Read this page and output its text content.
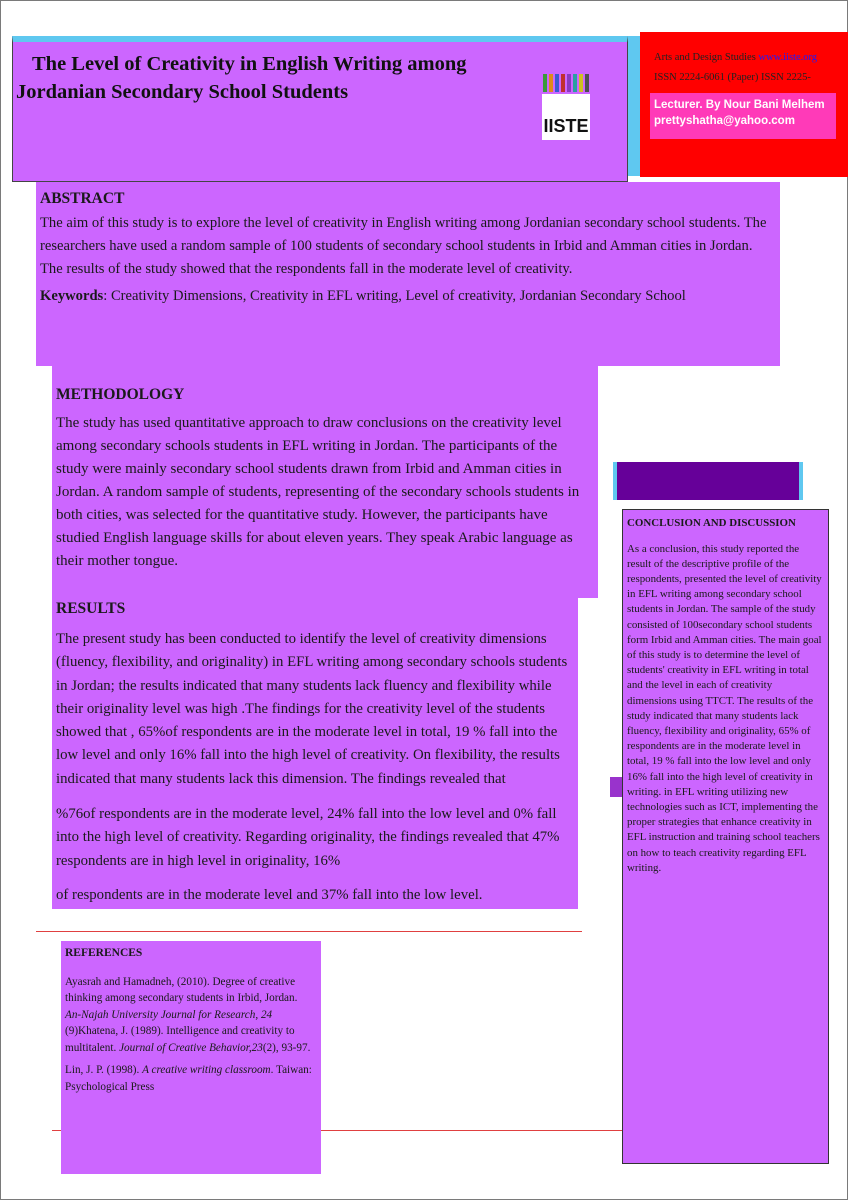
The Level of Creativity in English Writing among
Jordanian Secondary School Students
IISTE
Arts and Design Studies www.iiste.org
ISSN 2224-6061 (Paper) ISSN 2225-
Lecturer. By Nour Bani Melhem
prettyshatha@yahoo.com
ABSTRACT

The aim of this study is to explore the level of creativity in English writing among Jordanian secondary school students. The researchers have used a random sample of 100 students of secondary school students in Irbid and Amman cities in Jordan. The results of the study showed that the respondents fall in the moderate level of creativity.

Keywords: Creativity Dimensions, Creativity in EFL writing, Level of creativity, Jordanian Secondary School

METHODOLOGY

The study has used quantitative approach to draw conclusions on the creativity level among secondary schools students in EFL writing in Jordan. The participants of the study were mainly secondary school students drawn from Irbid and Amman cities in Jordan. A random sample of students, representing of the secondary schools students in both cities, was selected for the quantitative study. However, the participants have studied English language skills for about eleven years. They speak Arabic language as their mother tongue.

RESULTS

The present study has been conducted to identify the level of creativity dimensions (fluency, flexibility, and originality) in EFL writing among secondary schools students in Jordan; the results indicated that many students lack fluency and flexibility while their originality level was high .The findings for the creativity level of the students showed that , 65%of respondents are in the moderate level in total, 19 % fall into the low level and only 16% fall into the high level of creativity. On flexibility, the results indicated that many students lack this dimension. The findings revealed that

%76of respondents are in the moderate level, 24% fall into the low level and 0% fall into the high level of creativity. Regarding originality, the findings revealed that 47% respondents are in high level in originality, 16%

of respondents are in the moderate level and 37% fall into the low level.

REFERENCES

Ayasrah and Hamadneh, (2010). Degree of creative thinking among secondary students in Irbid, Jordan. An-Najah University Journal for Research, 24 (9)Khatena, J. (1989). Intelligence and creativity to multitalent. Journal of Creative Behavior,23(2), 93-97.

Lin, J. P. (1998). A creative writing classroom. Taiwan: Psychological Press

CONCLUSION AND DISCUSSION

As a conclusion, this study reported the result of the descriptive profile of the respondents, presented the level of creativity in EFL writing among secondary school students in Jordan. The sample of the study consisted of 100secondary school students form Irbid and Amman cities. The main goal of this study is to determine the level of students' creativity in EFL writing in total and the level in each of creativity dimensions using TTCT. The results of the study indicated that many students lack fluency, flexibility and originality, 65% of respondents are in the moderate level in total, 19 % fall into the low level and only 16% fall into the high level of creativity in writing. in EFL writing utilizing new technologies such as ICT, implementing the proper strategies that enhance creativity in EFL instruction and training school teachers on how to teach creativity regarding EFL writing.
